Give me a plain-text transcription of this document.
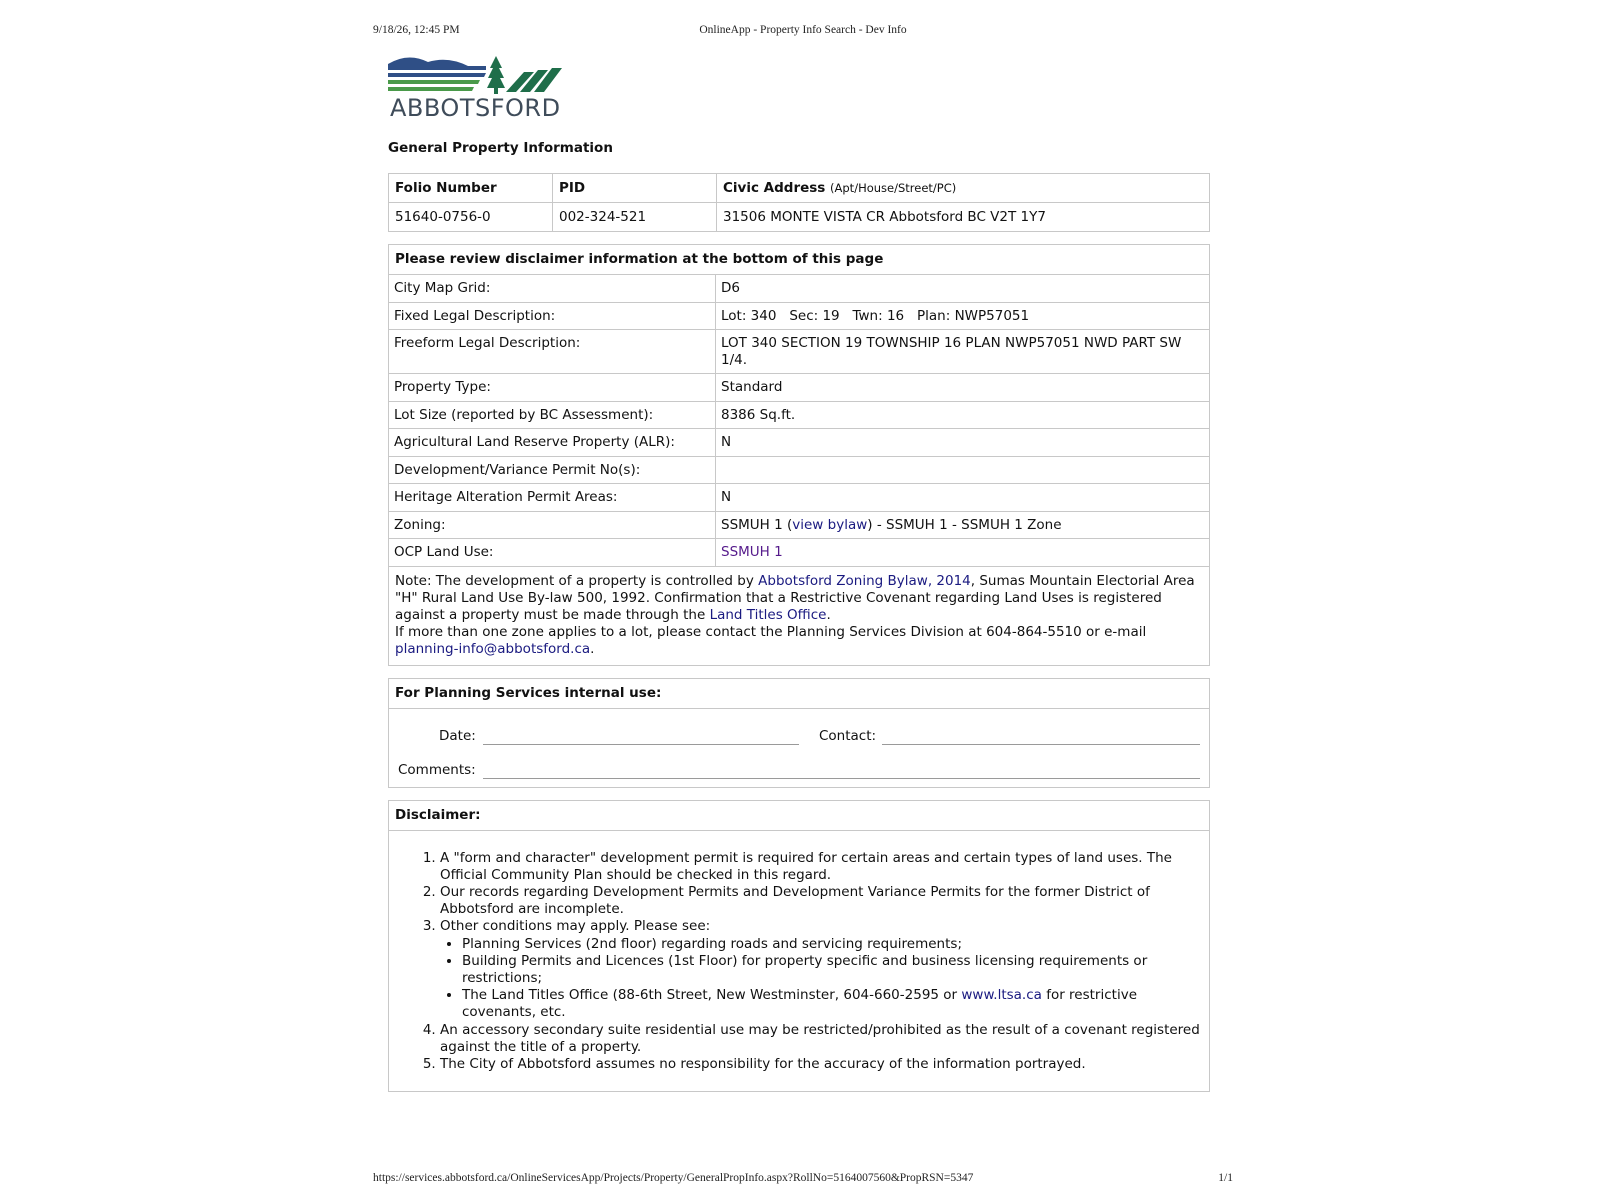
9/18/26, 12:45 PM	OnlineApp - Property Info Search - Dev Info
ABBOTSFORD
General Property Information
Folio Number	PID	Civic Address (Apt/House/Street/PC)
51640-0756-0	002-324-521	31506 MONTE VISTA CR Abbotsford BC V2T 1Y7
Please review disclaimer information at the bottom of this page	
City Map Grid:	D6
Fixed Legal Description:	Lot: 340   Sec: 19   Twn: 16   Plan: NWP57051
Freeform Legal Description:	LOT 340 SECTION 19 TOWNSHIP 16 PLAN NWP57051 NWD PART SW 1/4.
Property Type:	Standard
Lot Size (reported by BC Assessment):	8386 Sq.ft.
Agricultural Land Reserve Property (ALR):	N
Development/Variance Permit No(s):	
Heritage Alteration Permit Areas:	N
Zoning:	SSMUH 1 (view bylaw) - SSMUH 1 - SSMUH 1 Zone
OCP Land Use:	SSMUH 1
Note: The development of a property is controlled by Abbotsford Zoning Bylaw, 2014, Sumas Mountain Electorial Area "H" Rural Land Use By-law 500, 1992. Confirmation that a Restrictive Covenant regarding Land Uses is registered against a property must be made through the Land Titles Office.
If more than one zone applies to a lot, please contact the Planning Services Division at 604-864-5510 or e-mail planning-info@abbotsford.ca.	
For Planning Services internal use:
Date:	Contact:
Comments:
Disclaimer:
1. A "form and character" development permit is required for certain areas and certain types of land uses. The Official Community Plan should be checked in this regard.
2. Our records regarding Development Permits and Development Variance Permits for the former District of Abbotsford are incomplete.
3. Other conditions may apply. Please see:
• Planning Services (2nd floor) regarding roads and servicing requirements;
• Building Permits and Licences (1st Floor) for property specific and business licensing requirements or restrictions;
• The Land Titles Office (88-6th Street, New Westminster, 604-660-2595 or www.ltsa.ca for restrictive covenants, etc.
4. An accessory secondary suite residential use may be restricted/prohibited as the result of a covenant registered against the title of a property.
5. The City of Abbotsford assumes no responsibility for the accuracy of the information portrayed.
https://services.abbotsford.ca/OnlineServicesApp/Projects/Property/GeneralPropInfo.aspx?RollNo=5164007560&PropRSN=5347	1/1
